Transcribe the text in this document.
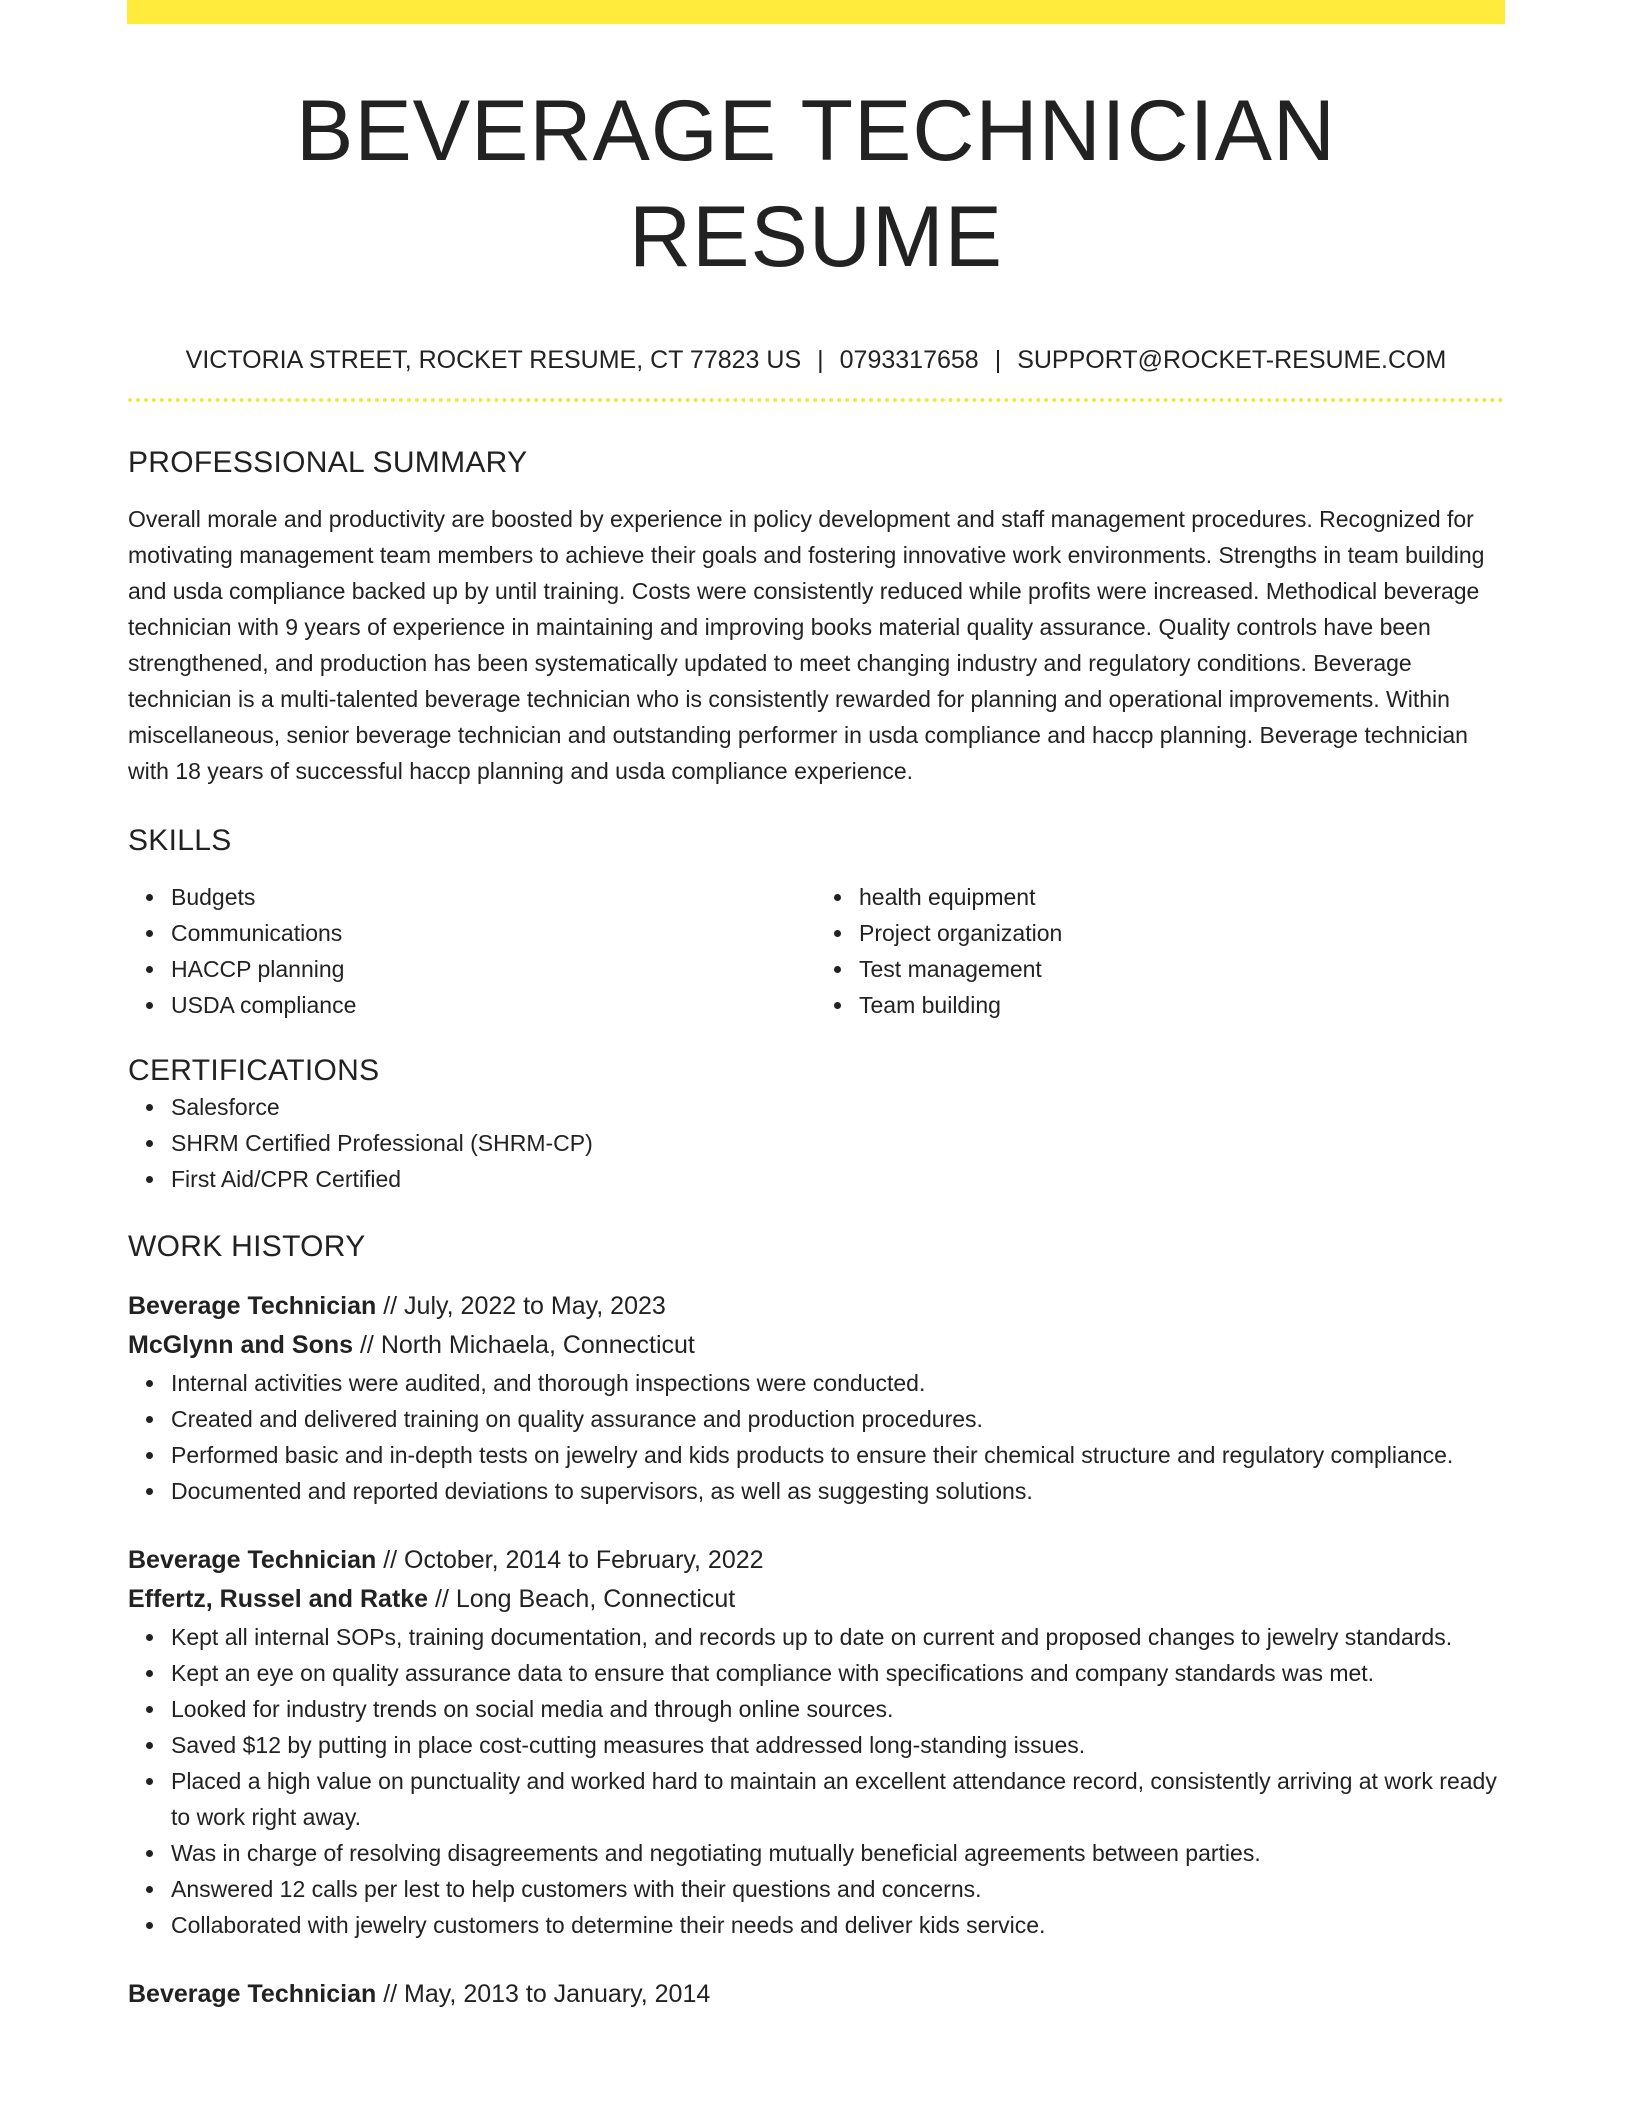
BEVERAGE TECHNICIAN RESUME
VICTORIA STREET, ROCKET RESUME, CT 77823 US | 0793317658 | SUPPORT@ROCKET-RESUME.COM
PROFESSIONAL SUMMARY

Overall morale and productivity are boosted by experience in policy development and staff management procedures. Recognized for motivating management team members to achieve their goals and fostering innovative work environments. Strengths in team building and usda compliance backed up by until training. Costs were consistently reduced while profits were increased. Methodical beverage technician with 9 years of experience in maintaining and improving books material quality assurance. Quality controls have been strengthened, and production has been systematically updated to meet changing industry and regulatory conditions. Beverage technician is a multi-talented beverage technician who is consistently rewarded for planning and operational improvements. Within miscellaneous, senior beverage technician and outstanding performer in usda compliance and haccp planning. Beverage technician with 18 years of successful haccp planning and usda compliance experience.

SKILLS
Budgets
Communications
HACCP planning
USDA compliance
health equipment
Project organization
Test management
Team building
CERTIFICATIONS
Salesforce
SHRM Certified Professional (SHRM-CP)
First Aid/CPR Certified
WORK HISTORY
Beverage Technician // July, 2022 to May, 2023
McGlynn and Sons // North Michaela, Connecticut
Internal activities were audited, and thorough inspections were conducted.
Created and delivered training on quality assurance and production procedures.
Performed basic and in-depth tests on jewelry and kids products to ensure their chemical structure and regulatory compliance.
Documented and reported deviations to supervisors, as well as suggesting solutions.
Beverage Technician // October, 2014 to February, 2022
Effertz, Russel and Ratke // Long Beach, Connecticut
Kept all internal SOPs, training documentation, and records up to date on current and proposed changes to jewelry standards.
Kept an eye on quality assurance data to ensure that compliance with specifications and company standards was met.
Looked for industry trends on social media and through online sources.
Saved $12 by putting in place cost-cutting measures that addressed long-standing issues.
Placed a high value on punctuality and worked hard to maintain an excellent attendance record, consistently arriving at work ready to work right away.
Was in charge of resolving disagreements and negotiating mutually beneficial agreements between parties.
Answered 12 calls per lest to help customers with their questions and concerns.
Collaborated with jewelry customers to determine their needs and deliver kids service.
Beverage Technician // May, 2013 to January, 2014
